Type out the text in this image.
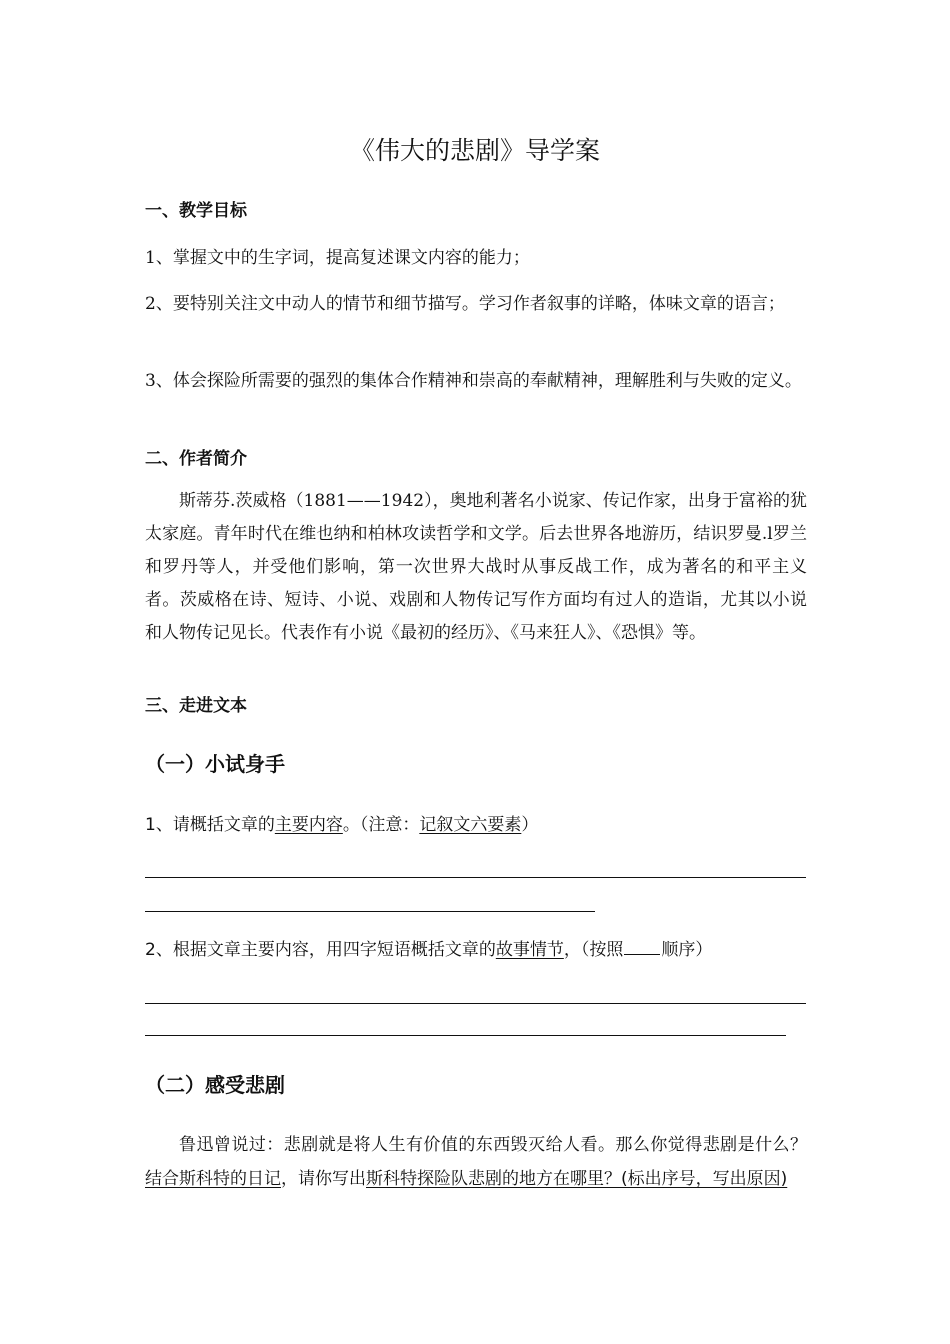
《伟大的悲剧》导学案
一、教学目标
1、掌握文中的生字词，提高复述课文内容的能力；
2、要特别关注文中动人的情节和细节描写。学习作者叙事的详略，体味文章的语言；
3、体会探险所需要的强烈的集体合作精神和崇高的奉献精神，理解胜利与失败的定义。
二、作者简介
斯蒂芬.茨威格（1881——1942），奥地利著名小说家、传记作家，出身于富裕的犹太家庭。青年时代在维也纳和柏林攻读哲学和文学。后去世界各地游历，结识罗曼.l罗兰和罗丹等人，并受他们影响，第一次世界大战时从事反战工作，成为著名的和平主义者。茨威格在诗、短诗、小说、戏剧和人物传记写作方面均有过人的造诣，尤其以小说和人物传记见长。代表作有小说《最初的经历》、《马来狂人》、《恐惧》等。
三、走进文本
（一）小试身手
1、请概括文章的主要内容。（注意：记叙文六要素）
2、根据文章主要内容，用四字短语概括文章的故事情节，（按照 顺序）
（二）感受悲剧
鲁迅曾说过：悲剧就是将人生有价值的东西毁灭给人看。那么你觉得悲剧是什么？结合斯科特的日记，请你写出斯科特探险队悲剧的地方在哪里？(标出序号，写出原因)
